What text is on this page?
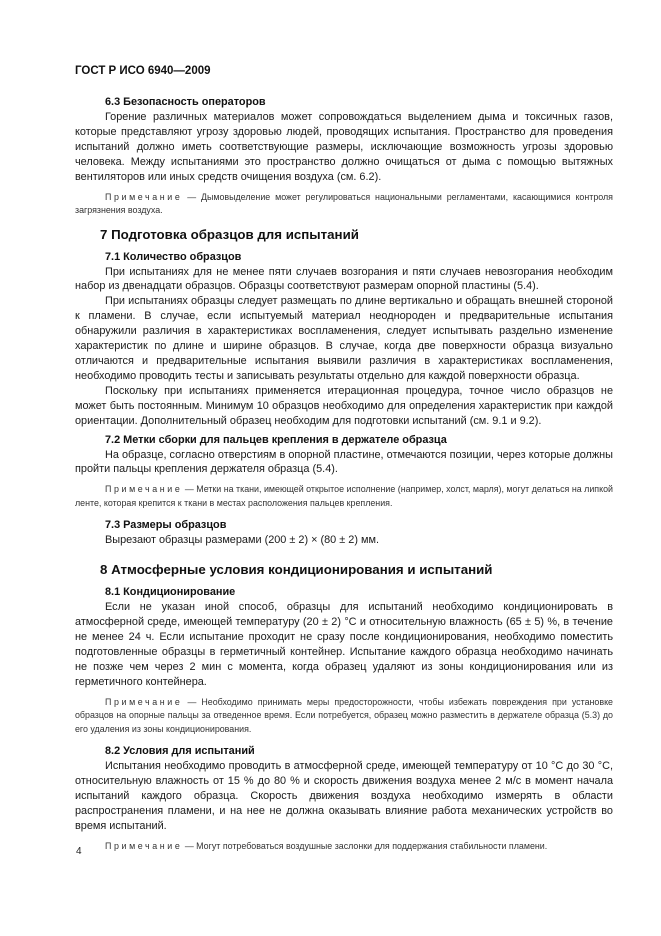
ГОСТ Р ИСО 6940—2009
6.3 Безопасность операторов

Горение различных материалов может сопровождаться выделением дыма и токсичных газов, которые представляют угрозу здоровью людей, проводящих испытания. Пространство для проведения испытаний должно иметь соответствующие размеры, исключающие возможность угрозы здоровью человека. Между испытаниями это пространство должно очищаться от дыма с помощью вытяжных вентиляторов или иных средств очищения воздуха (см. 6.2).

Примечание — Дымовыделение может регулироваться национальными регламентами, касающимися контроля загрязнения воздуха.

7 Подготовка образцов для испытаний
7.1 Количество образцов

При испытаниях для не менее пяти случаев возгорания и пяти случаев невозгорания необходим набор из двенадцати образцов. Образцы соответствуют размерам опорной пластины (5.4).

При испытаниях образцы следует размещать по длине вертикально и обращать внешней стороной к пламени. В случае, если испытуемый материал неоднороден и предварительные испытания обнаружили различия в характеристиках воспламенения, следует испытывать раздельно изменение характеристик по длине и ширине образцов. В случае, когда две поверхности образца визуально отличаются и предварительные испытания выявили различия в характеристиках воспламенения, необходимо проводить тесты и записывать результаты отдельно для каждой поверхности образца.

Поскольку при испытаниях применяется итерационная процедура, точное число образцов не может быть постоянным. Минимум 10 образцов необходимо для определения характеристик при каждой ориентации. Дополнительный образец необходим для подготовки испытаний (см. 9.1 и 9.2).

7.2 Метки сборки для пальцев крепления в держателе образца

На образце, согласно отверстиям в опорной пластине, отмечаются позиции, через которые должны пройти пальцы крепления держателя образца (5.4).

Примечание — Метки на ткани, имеющей открытое исполнение (например, холст, марля), могут делаться на липкой ленте, которая крепится к ткани в местах расположения пальцев крепления.

7.3 Размеры образцов

Вырезают образцы размерами (200 ± 2) × (80 ± 2) мм.

8 Атмосферные условия кондиционирования и испытаний
8.1 Кондиционирование

Если не указан иной способ, образцы для испытаний необходимо кондиционировать в атмосферной среде, имеющей температуру (20 ± 2) °С и относительную влажность (65 ± 5) %, в течение не менее 24 ч. Если испытание проходит не сразу после кондиционирования, необходимо поместить подготовленные образцы в герметичный контейнер. Испытание каждого образца необходимо начинать не позже чем через 2 мин с момента, когда образец удаляют из зоны кондиционирования или из герметичного контейнера.

Примечание — Необходимо принимать меры предосторожности, чтобы избежать повреждения при установке образцов на опорные пальцы за отведенное время. Если потребуется, образец можно разместить в держателе образца (5.3) до его удаления из зоны кондиционирования.

8.2 Условия для испытаний

Испытания необходимо проводить в атмосферной среде, имеющей температуру от 10 °С до 30 °С, относительную влажность от 15 % до 80 % и скорость движения воздуха менее 2 м/с в момент начала испытаний каждого образца. Скорость движения воздуха необходимо измерять в области распространения пламени, и на нее не должна оказывать влияние работа механических устройств во время испытаний.

Примечание — Могут потребоваться воздушные заслонки для поддержания стабильности пламени.

4
